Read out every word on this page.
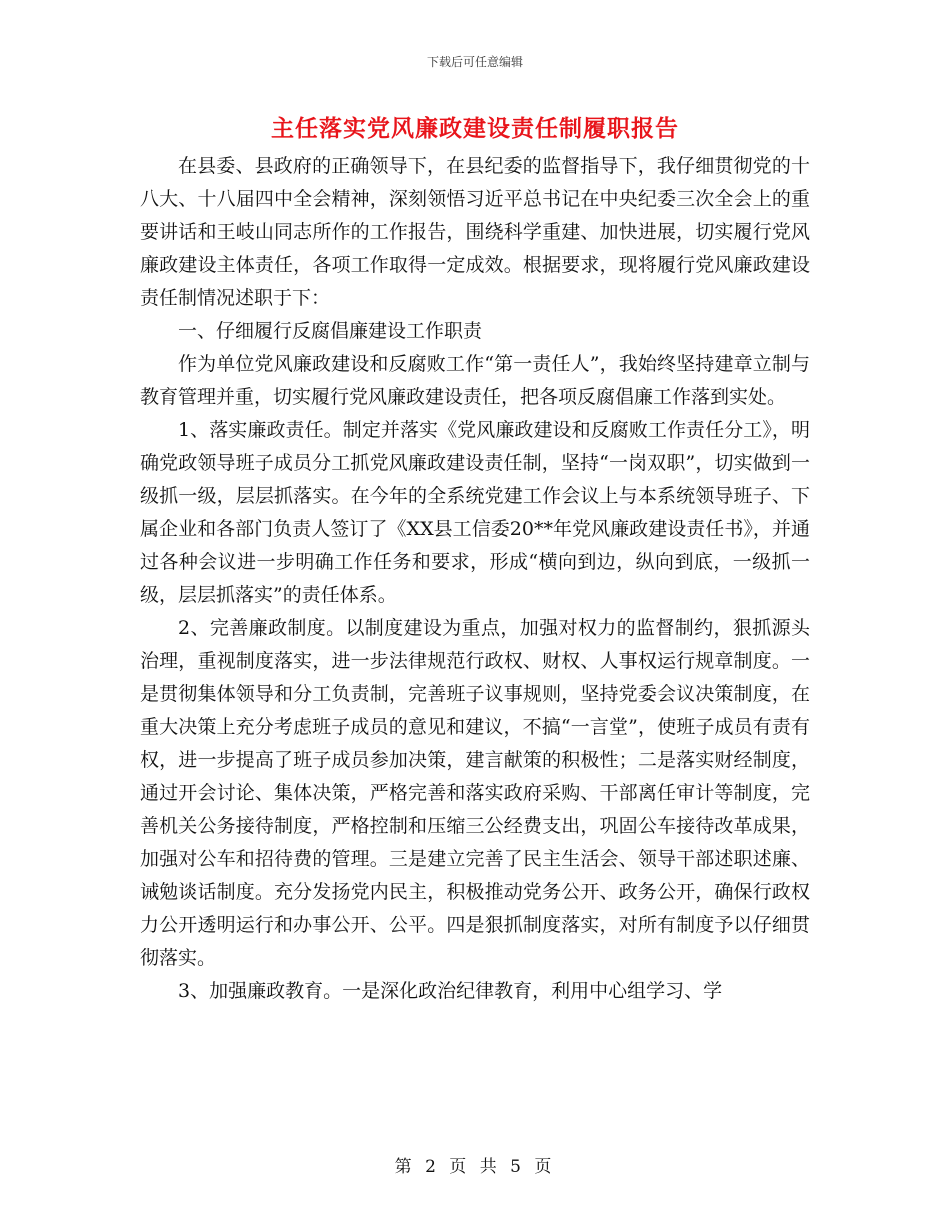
下载后可任意编辑
主任落实党风廉政建设责任制履职报告

在县委、县政府的正确领导下，在县纪委的监督指导下，我仔细贯彻党的十八大、十八届四中全会精神，深刻领悟习近平总书记在中央纪委三次全会上的重要讲话和王岐山同志所作的工作报告，围绕科学重建、加快进展，切实履行党风廉政建设主体责任，各项工作取得一定成效。根据要求，现将履行党风廉政建设责任制情况述职于下：

一、仔细履行反腐倡廉建设工作职责

作为单位党风廉政建设和反腐败工作“第一责任人”，我始终坚持建章立制与教育管理并重，切实履行党风廉政建设责任，把各项反腐倡廉工作落到实处。

1、落实廉政责任。制定并落实《党风廉政建设和反腐败工作责任分工》，明确党政领导班子成员分工抓党风廉政建设责任制，坚持“一岗双职”，切实做到一级抓一级，层层抓落实。在今年的全系统党建工作会议上与本系统领导班子、下属企业和各部门负责人签订了《XX县工信委20**年党风廉政建设责任书》，并通过各种会议进一步明确工作任务和要求，形成“横向到边，纵向到底，一级抓一级，层层抓落实”的责任体系。

2、完善廉政制度。以制度建设为重点，加强对权力的监督制约，狠抓源头治理，重视制度落实，进一步法律规范行政权、财权、人事权运行规章制度。一是贯彻集体领导和分工负责制，完善班子议事规则，坚持党委会议决策制度，在重大决策上充分考虑班子成员的意见和建议，不搞“一言堂”，使班子成员有责有权，进一步提高了班子成员参加决策，建言献策的积极性；二是落实财经制度，通过开会讨论、集体决策，严格完善和落实政府采购、干部离任审计等制度，完善机关公务接待制度，严格控制和压缩三公经费支出，巩固公车接待改革成果，加强对公车和招待费的管理。三是建立完善了民主生活会、领导干部述职述廉、诫勉谈话制度。充分发扬党内民主，积极推动党务公开、政务公开，确保行政权力公开透明运行和办事公开、公平。四是狠抓制度落实，对所有制度予以仔细贯彻落实。

3、加强廉政教育。一是深化政治纪律教育，利用中心组学习、学

第 2 页 共 5 页
